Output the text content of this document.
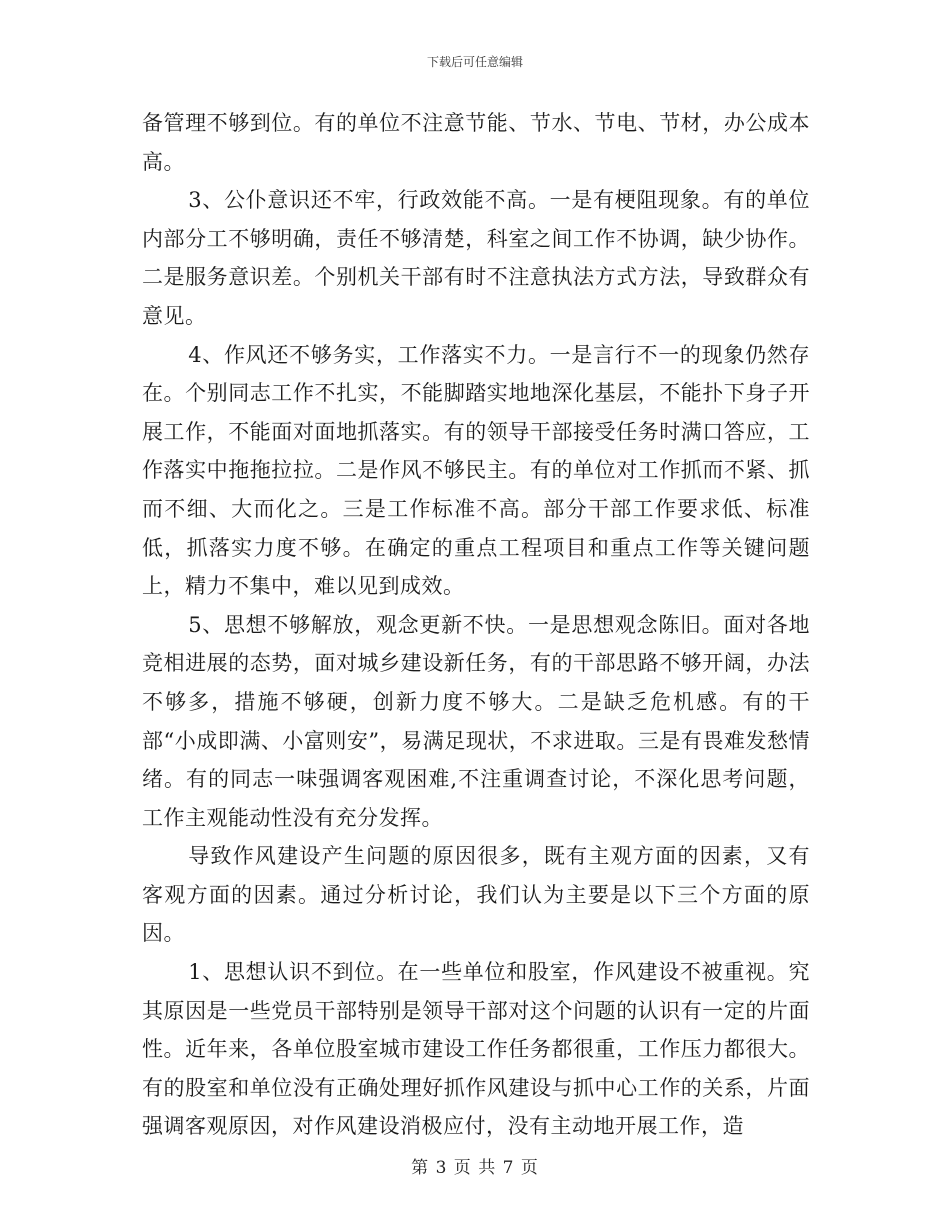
下载后可任意编辑

备管理不够到位。有的单位不注意节能、节水、节电、节材，办公成本高。

3、公仆意识还不牢，行政效能不高。一是有梗阻现象。有的单位内部分工不够明确，责任不够清楚，科室之间工作不协调，缺少协作。二是服务意识差。个别机关干部有时不注意执法方式方法，导致群众有意见。

4、作风还不够务实，工作落实不力。一是言行不一的现象仍然存在。个别同志工作不扎实，不能脚踏实地地深化基层，不能扑下身子开展工作，不能面对面地抓落实。有的领导干部接受任务时满口答应，工作落实中拖拖拉拉。二是作风不够民主。有的单位对工作抓而不紧、抓而不细、大而化之。三是工作标准不高。部分干部工作要求低、标准低，抓落实力度不够。在确定的重点工程项目和重点工作等关键问题上，精力不集中，难以见到成效。

5、思想不够解放，观念更新不快。一是思想观念陈旧。面对各地竞相进展的态势，面对城乡建设新任务，有的干部思路不够开阔，办法不够多，措施不够硬，创新力度不够大。二是缺乏危机感。有的干部“小成即满、小富则安”，易满足现状，不求进取。三是有畏难发愁情绪。有的同志一味强调客观困难,不注重调查讨论，不深化思考问题，工作主观能动性没有充分发挥。

导致作风建设产生问题的原因很多，既有主观方面的因素，又有客观方面的因素。通过分析讨论，我们认为主要是以下三个方面的原因。

1、思想认识不到位。在一些单位和股室，作风建设不被重视。究其原因是一些党员干部特别是领导干部对这个问题的认识有一定的片面性。近年来，各单位股室城市建设工作任务都很重，工作压力都很大。有的股室和单位没有正确处理好抓作风建设与抓中心工作的关系，片面强调客观原因，对作风建设消极应付，没有主动地开展工作，造

第 3 页 共 7 页
